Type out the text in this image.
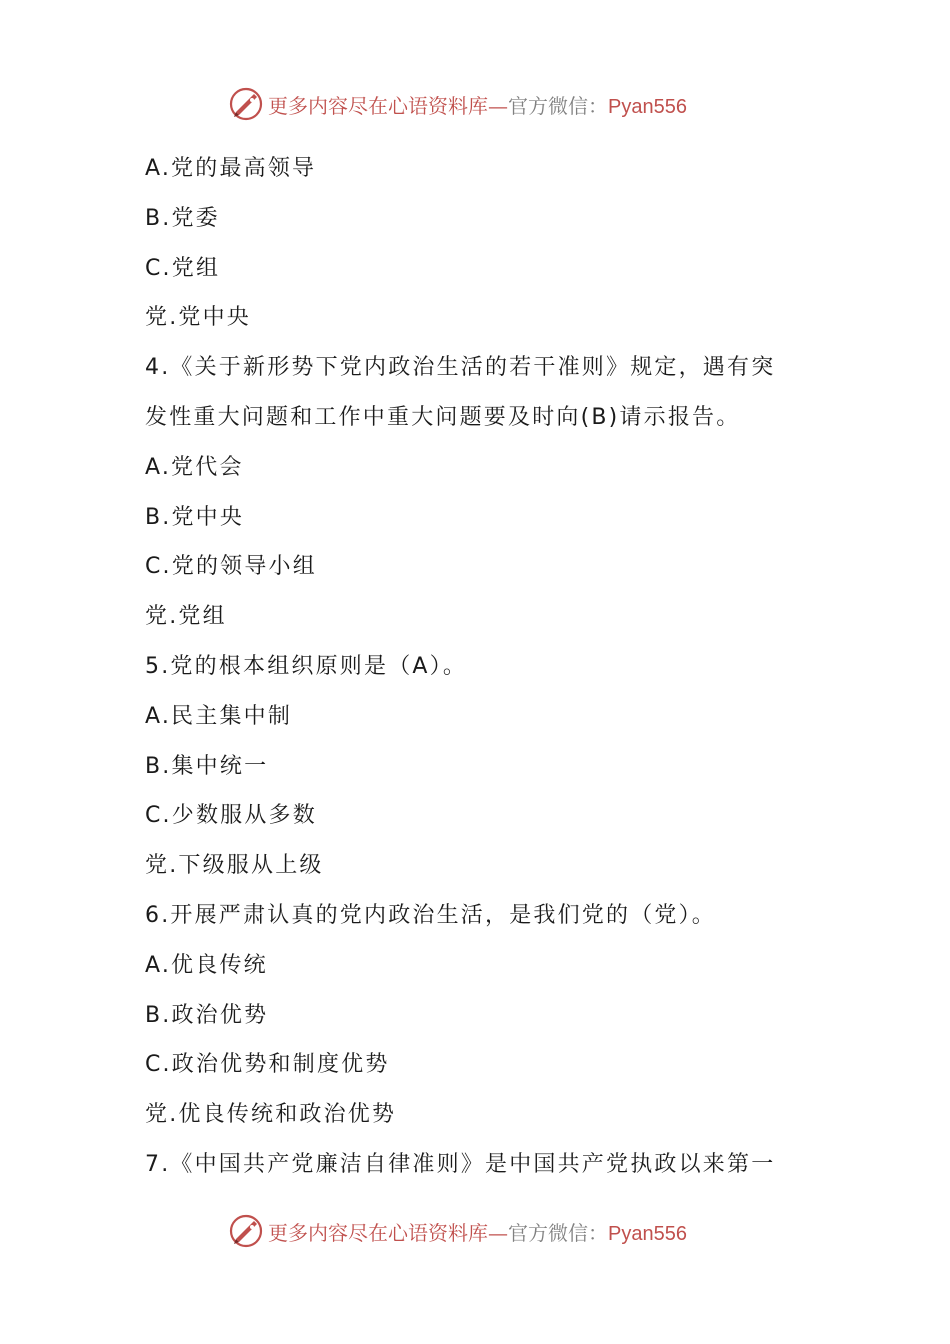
更多内容尽在心语资料库—官方微信：Pyan556
A.党的最高领导
B.党委
C.党组
党.党中央
4.《关于新形势下党内政治生活的若干准则》规定，遇有突
发性重大问题和工作中重大问题要及时向(B)请示报告。
A.党代会
B.党中央
C.党的领导小组
党.党组
5.党的根本组织原则是（A）。
A.民主集中制
B.集中统一
C.少数服从多数
党.下级服从上级
6.开展严肃认真的党内政治生活，是我们党的（党）。
A.优良传统
B.政治优势
C.政治优势和制度优势
党.优良传统和政治优势
7.《中国共产党廉洁自律准则》是中国共产党执政以来第一
更多内容尽在心语资料库—官方微信：Pyan556
